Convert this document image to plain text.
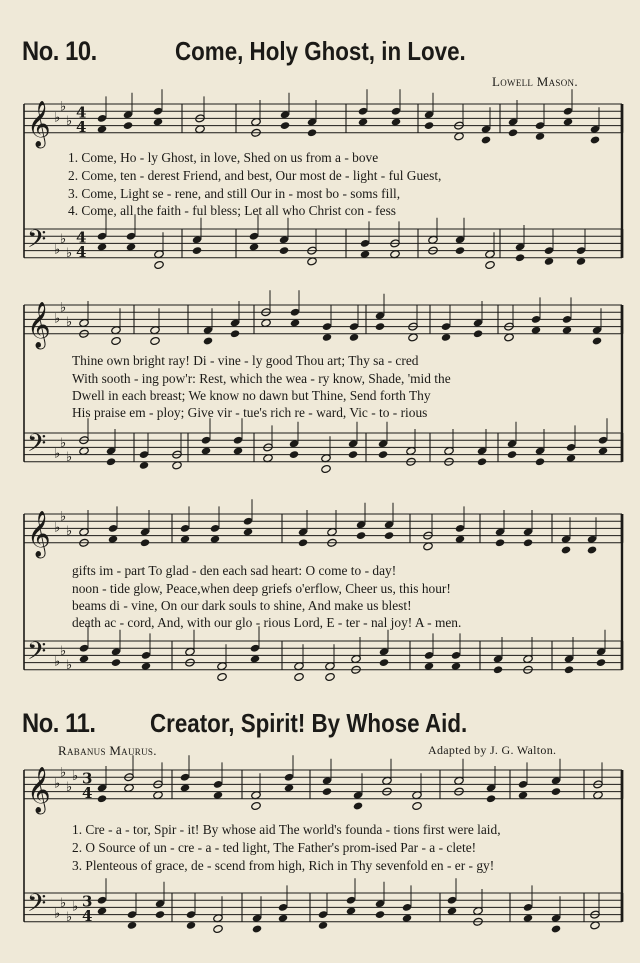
No. 10.	Come, Holy Ghost, in Love.
Lowell Mason.
𝄞 ♭
♭
♭
4
4
𝄢 ♭
♭
♭
4
4
𝄞 ♭
♭
♭
𝄢 ♭
♭
♭
𝄞 ♭
♭
♭
𝄢 ♭
♭
♭
𝄞 ♭
♭
♭
♭ 3
4
𝄢 ♭
♭
♭
♭ 3
4
1. Come, Ho - ly Ghost, in love, Shed on us from a - bove
2. Come, ten - derest Friend, and best, Our most de - light - ful Guest,
3. Come, Light se - rene, and still Our in - most bo - soms fill,
4. Come, all the faith - ful bless; Let all who Christ con - fess
Thine own bright ray! Di - vine - ly good Thou art; Thy sa - cred
With sooth - ing pow'r: Rest, which the wea - ry know, Shade, 'mid the
Dwell in each breast; We know no dawn but Thine, Send forth Thy
His praise em - ploy; Give vir - tue's rich re - ward, Vic - to - rious
gifts im - part To glad - den each sad heart: O come to - day!
noon - tide glow, Peace,when deep griefs o'erflow, Cheer us, this hour!
beams di - vine, On our dark souls to shine, And make us blest!
death ac - cord, And, with our glo - rious Lord, E - ter - nal joy! A - men.
No. 11. Creator, Spirit! By Whose Aid.
Rabanus Maurus.	Adapted by J. G. Walton.
1. Cre - a - tor, Spir - it! By whose aid The world's founda - tions first were laid,
2. O Source of un - cre - a - ted light, The Father's prom-ised Par - a - clete!
3. Plenteous of grace, de - scend from high, Rich in Thy sevenfold en - er - gy!
